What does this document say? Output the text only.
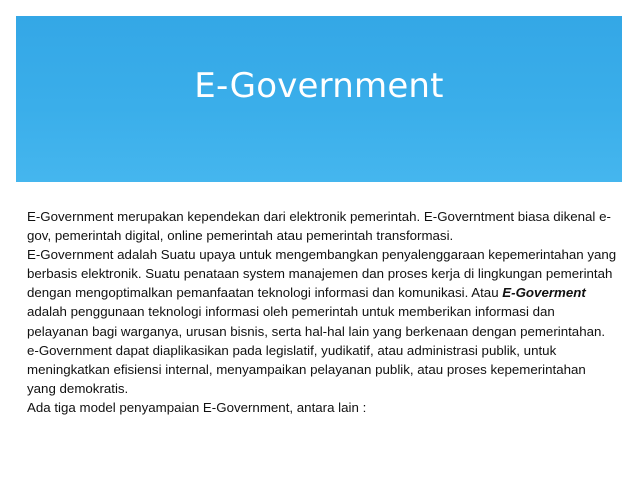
E-Government

E-Government merupakan kependekan dari elektronik pemerintah. E-Governtment biasa dikenal e-gov, pemerintah digital, online pemerintah atau pemerintah transformasi.

E-Government adalah Suatu upaya untuk mengembangkan penyalenggaraan kepemerintahan yang berbasis elektronik. Suatu penataan system manajemen dan proses kerja di lingkungan pemerintah dengan mengoptimalkan pemanfaatan teknologi informasi dan komunikasi. Atau E-Goverment adalah penggunaan teknologi informasi oleh pemerintah untuk memberikan informasi dan pelayanan bagi warganya, urusan bisnis, serta hal-hal lain yang berkenaan dengan pemerintahan. e-Government dapat diaplikasikan pada legislatif, yudikatif, atau administrasi publik, untuk meningkatkan efisiensi internal, menyampaikan pelayanan publik, atau proses kepemerintahan yang demokratis.

Ada tiga model penyampaian E-Government, antara lain :
